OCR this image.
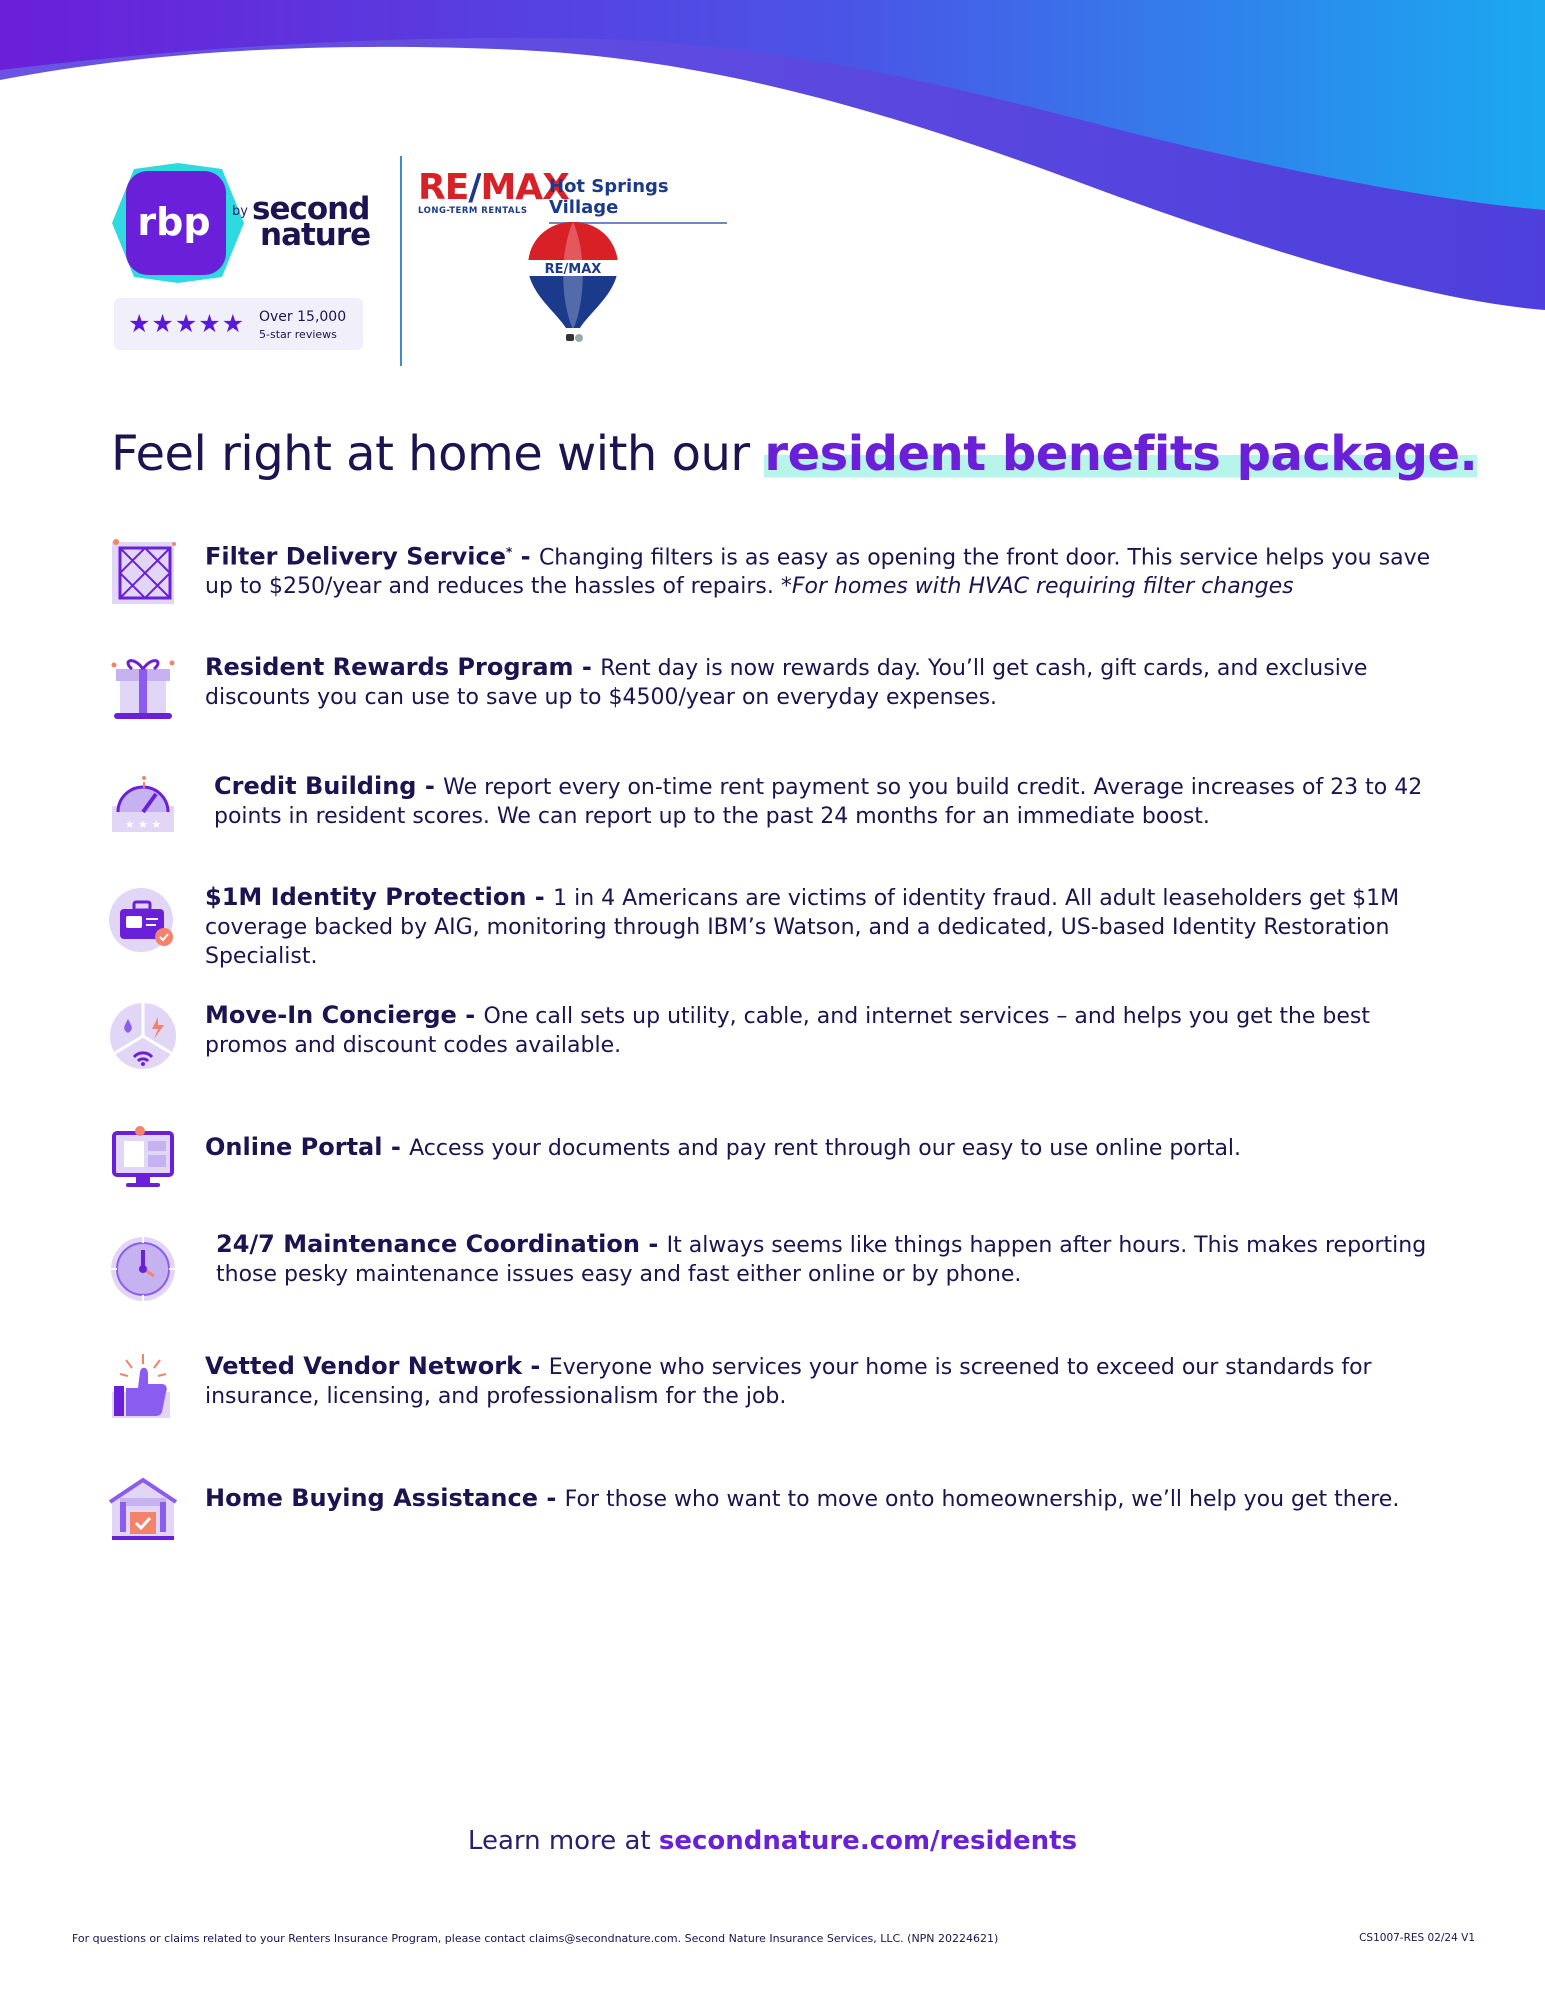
rbp by second
nature
★★★★★ Over 15,000
5-star reviews
RE/MAX
LONG-TERM RENTALS
Hot Springs Village
RE/MAX
Feel right at home with our resident benefits package.
Filter Delivery Service* - Changing filters is as easy as opening the front door. This service helps you save up to $250/year and reduces the hassles of repairs. *For homes with HVAC requiring filter changes
Resident Rewards Program - Rent day is now rewards day. You’ll get cash, gift cards, and exclusive discounts you can use to save up to $4500/year on everyday expenses.
★ ★ ★
Credit Building - We report every on-time rent payment so you build credit. Average increases of 23 to 42 points in resident scores. We can report up to the past 24 months for an immediate boost.
$1M Identity Protection - 1 in 4 Americans are victims of identity fraud. All adult leaseholders get $1M coverage backed by AIG, monitoring through IBM’s Watson, and a dedicated, US-based Identity Restoration Specialist.
Move-In Concierge - One call sets up utility, cable, and internet services – and helps you get the best promos and discount codes available.
Online Portal - Access your documents and pay rent through our easy to use online portal.
24/7 Maintenance Coordination - It always seems like things happen after hours. This makes reporting those pesky maintenance issues easy and fast either online or by phone.
Vetted Vendor Network - Everyone who services your home is screened to exceed our standards for insurance, licensing, and professionalism for the job.
Home Buying Assistance - For those who want to move onto homeownership, we’ll help you get there.
Learn more at secondnature.com/residents
For questions or claims related to your Renters Insurance Program, please contact claims@secondnature.com. Second Nature Insurance Services, LLC. (NPN 20224621)	CS1007-RES 02/24 V1
